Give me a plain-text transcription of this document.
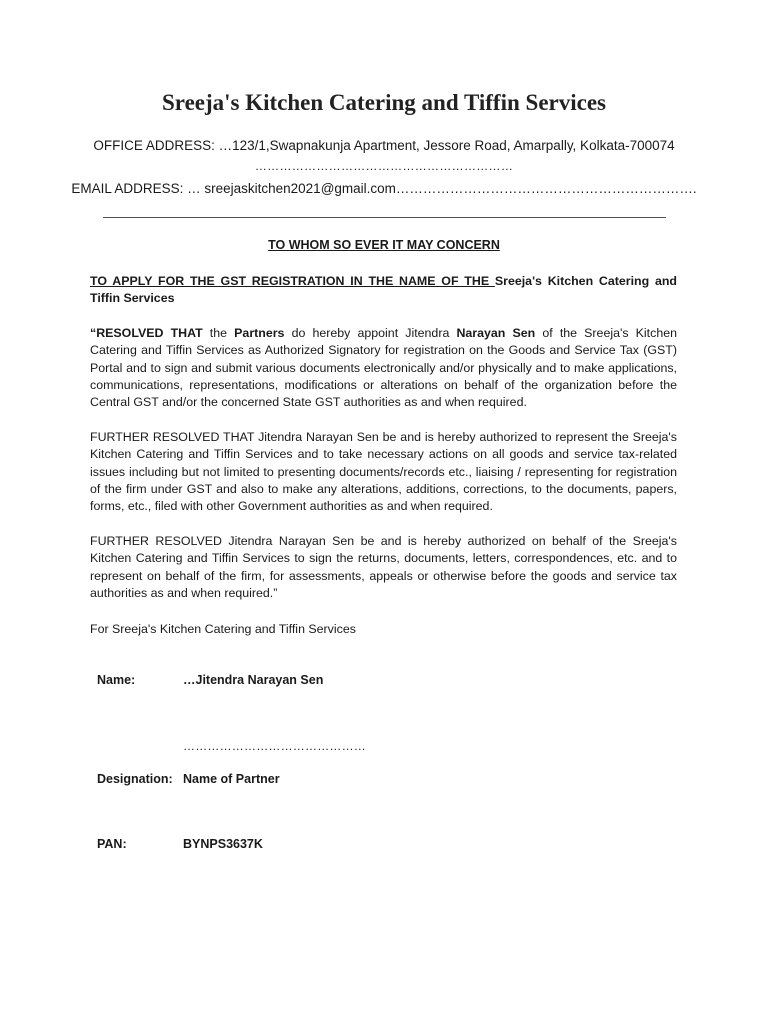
Sreeja's Kitchen Catering and Tiffin Services
OFFICE ADDRESS: …123/1,Swapnakunja Apartment, Jessore Road, Amarpally, Kolkata-700074
………………………………………………………
EMAIL ADDRESS: … sreejaskitchen2021@gmail.com………………………………………………………….
TO WHOM SO EVER IT MAY CONCERN
TO APPLY FOR THE GST REGISTRATION IN THE NAME OF THE Sreeja's Kitchen Catering and Tiffin Services
“RESOLVED THAT the Partners do hereby appoint Jitendra Narayan Sen of the Sreeja's Kitchen Catering and Tiffin Services as Authorized Signatory for registration on the Goods and Service Tax (GST) Portal and to sign and submit various documents electronically and/or physically and to make applications, communications, representations, modifications or alterations on behalf of the organization before the Central GST and/or the concerned State GST authorities as and when required.
FURTHER RESOLVED THAT Jitendra Narayan Sen be and is hereby authorized to represent the Sreeja's Kitchen Catering and Tiffin Services and to take necessary actions on all goods and service tax-related issues including but not limited to presenting documents/records etc., liaising / representing for registration of the firm under GST and also to make any alterations, additions, corrections, to the documents, papers, forms, etc., filed with other Government authorities as and when required.
FURTHER RESOLVED Jitendra Narayan Sen be and is hereby authorized on behalf of the Sreeja's Kitchen Catering and Tiffin Services to sign the returns, documents, letters, correspondences, etc. and to represent on behalf of the firm, for assessments, appeals or otherwise before the goods and service tax authorities as and when required.”
For Sreeja's Kitchen Catering and Tiffin Services
Name:	…Jitendra Narayan Sen
………………………………………
Designation: Name of Partner
PAN:	BYNPS3637K
